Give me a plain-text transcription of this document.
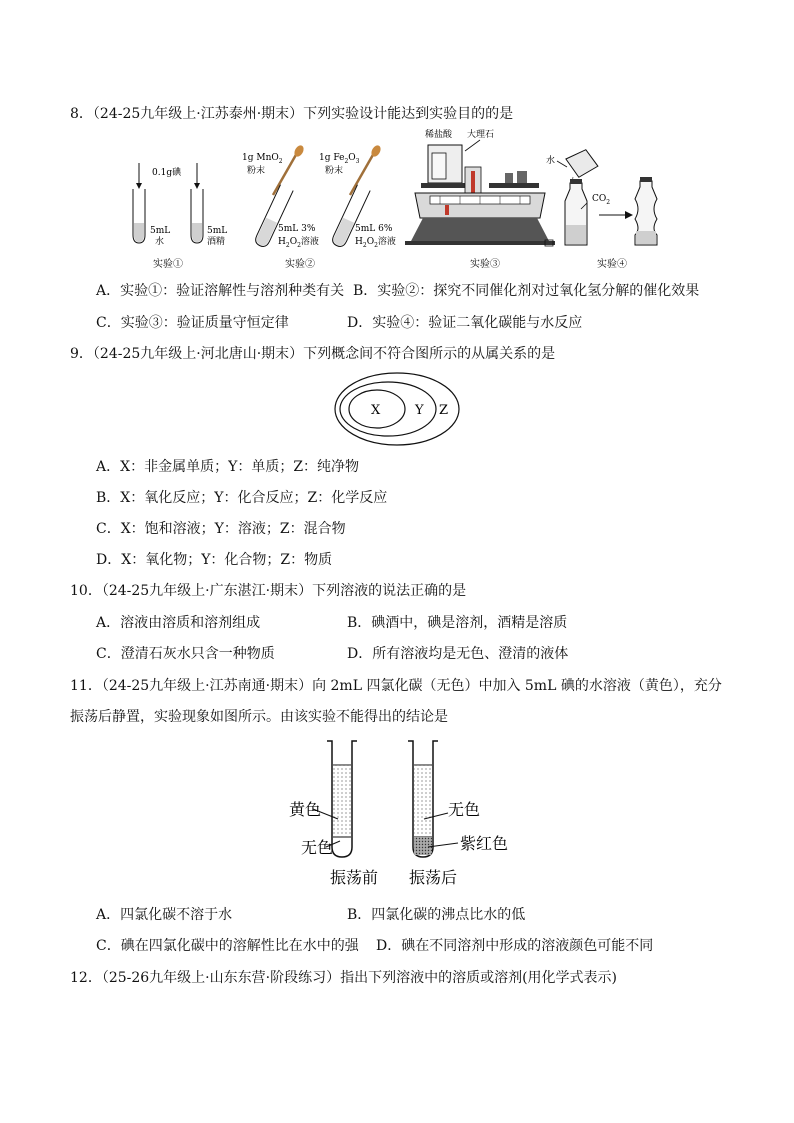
8．（24-25九年级上·江苏泰州·期末）下列实验设计能达到实验目的的是
0.1g碘
5mL
水
5mL
酒精
实验①
1g MnO$_2$
粉末
5mL 3%
$H_2O_2$溶液
1g $Fe_2O_3$
粉末
5mL 6%
$H_2O_2$溶液
实验②
稀盐酸 大理石
实验③
水
$CO_2$
实验④
A．实验①：验证溶解性与溶剂种类有关 B．实验②：探究不同催化剂对过氧化氢分解的催化效果
C．实验③：验证质量守恒定律	D．实验④：验证二氧化碳能与水反应
9．（24-25九年级上·河北唐山·期末）下列概念间不符合图所示的从属关系的是
X	Y Z
A．X：非金属单质；Y：单质；Z：纯净物
B．X：氧化反应；Y：化合反应；Z：化学反应
C．X：饱和溶液；Y：溶液；Z：混合物
D．X：氧化物；Y：化合物；Z：物质
10．（24-25九年级上·广东湛江·期末）下列溶液的说法正确的是
A．溶液由溶质和溶剂组成	B．碘酒中，碘是溶剂，酒精是溶质
C．澄清石灰水只含一种物质	D．所有溶液均是无色、澄清的液体
11．（24-25九年级上·江苏南通·期末）向 2mL 四氯化碳（无色）中加入 5mL 碘的水溶液（黄色），充分
振荡后静置，实验现象如图所示。由该实验不能得出的结论是
黄色
无色
无色
紫红色
振荡前 振荡后
A．四氯化碳不溶于水	B．四氯化碳的沸点比水的低
C．碘在四氯化碳中的溶解性比在水中的强 D．碘在不同溶剂中形成的溶液颜色可能不同
12．（25-26九年级上·山东东营·阶段练习）指出下列溶液中的溶质或溶剂(用化学式表示)
